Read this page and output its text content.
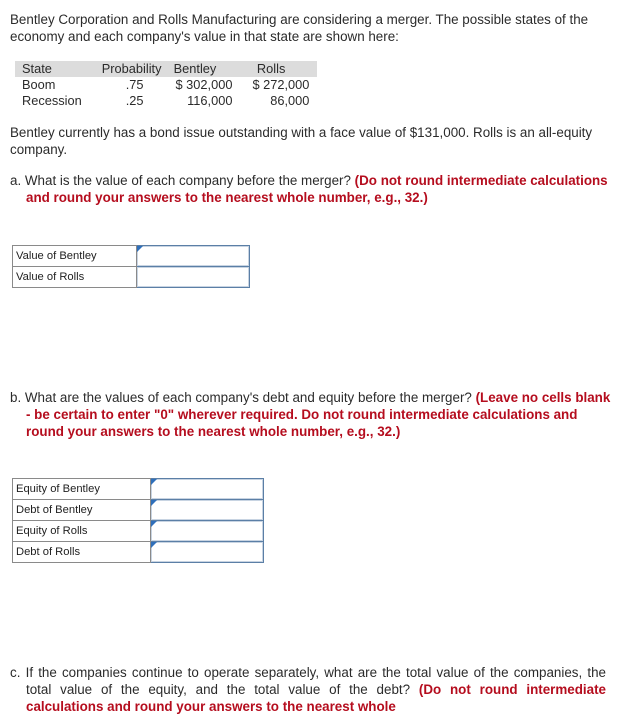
Bentley Corporation and Rolls Manufacturing are considering a merger. The possible states of the economy and each company's value in that state are shown here:

State	Probability	Bentley	Rolls
Boom	.75	$ 302,000	$ 272,000
Recession	.25	116,000	86,000

Bentley currently has a bond issue outstanding with a face value of $131,000. Rolls is an all-equity company.

a. What is the value of each company before the merger? (Do not round intermediate calculations and round your answers to the nearest whole number, e.g., 32.)

Value of Bentley	

Value of Rolls	

b. What are the values of each company's debt and equity before the merger? (Leave no cells blank - be certain to enter "0" wherever required. Do not round intermediate calculations and round your answers to the nearest whole number, e.g., 32.)

Equity of Bentley	

Debt of Bentley	

Equity of Rolls	

Debt of Rolls	

c. If the companies continue to operate separately, what are the total value of the companies, the total value of the equity, and the total value of the debt? (Do not round intermediate calculations and round your answers to the nearest whole
